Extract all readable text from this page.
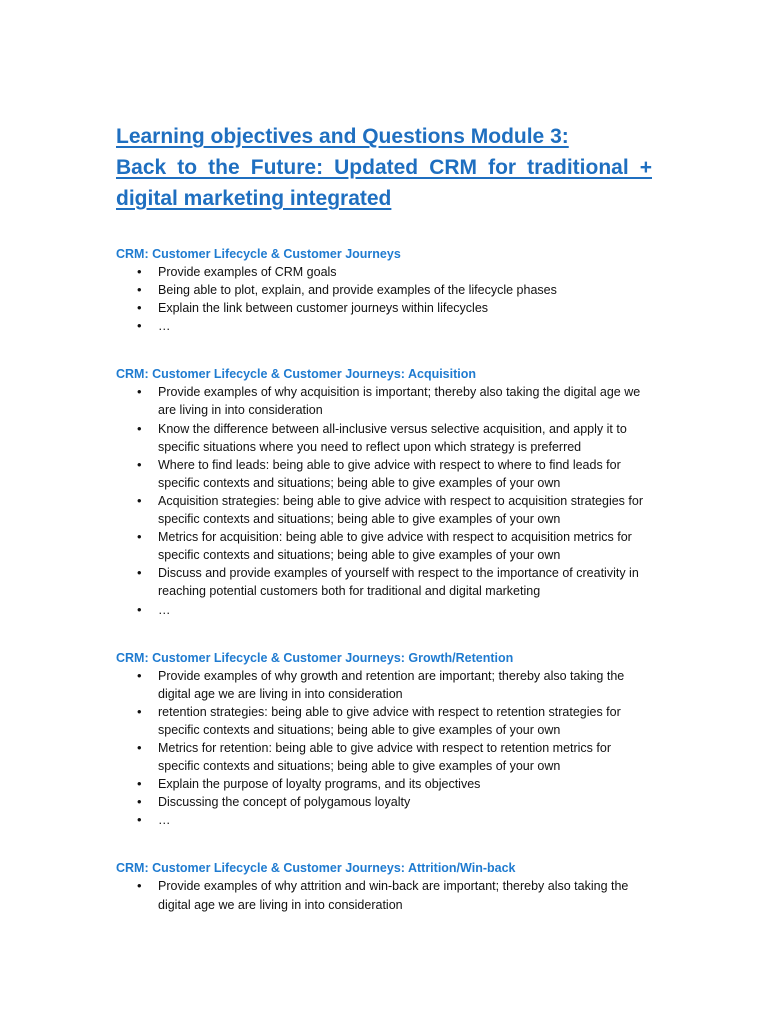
Learning objectives and Questions Module 3:
Back to the Future: Updated CRM for traditional +
digital marketing integrated
CRM: Customer Lifecycle & Customer Journeys
• Provide examples of CRM goals
• Being able to plot, explain, and provide examples of the lifecycle phases
• Explain the link between customer journeys within lifecycles
• …
CRM: Customer Lifecycle & Customer Journeys: Acquisition
• Provide examples of why acquisition is important; thereby also taking the digital age we are living in into consideration
• Know the difference between all-inclusive versus selective acquisition, and apply it to specific situations where you need to reflect upon which strategy is preferred
• Where to find leads: being able to give advice with respect to where to find leads for specific contexts and situations; being able to give examples of your own
• Acquisition strategies: being able to give advice with respect to acquisition strategies for specific contexts and situations; being able to give examples of your own
• Metrics for acquisition: being able to give advice with respect to acquisition metrics for specific contexts and situations; being able to give examples of your own
• Discuss and provide examples of yourself with respect to the importance of creativity in reaching potential customers both for traditional and digital marketing
• …
CRM: Customer Lifecycle & Customer Journeys: Growth/Retention
• Provide examples of why growth and retention are important; thereby also taking the digital age we are living in into consideration
• retention strategies: being able to give advice with respect to retention strategies for specific contexts and situations; being able to give examples of your own
• Metrics for retention: being able to give advice with respect to retention metrics for specific contexts and situations; being able to give examples of your own
• Explain the purpose of loyalty programs, and its objectives
• Discussing the concept of polygamous loyalty
• …
CRM: Customer Lifecycle & Customer Journeys: Attrition/Win-back
• Provide examples of why attrition and win-back are important; thereby also taking the digital age we are living in into consideration
